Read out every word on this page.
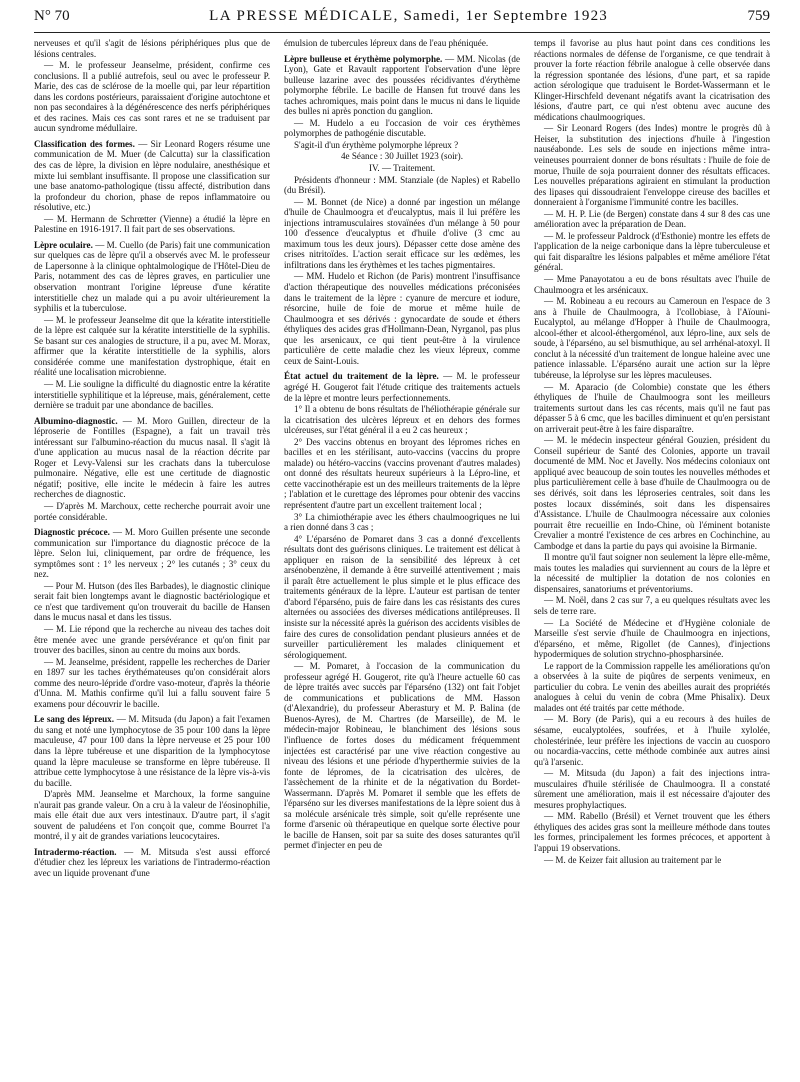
N° 70	LA PRESSE MÉDICALE, Samedi, 1er Septembre 1923	759

nerveuses et qu'il s'agit de lésions périphériques plus que de lésions centrales.

— M. le professeur Jeanselme, président, confirme ces conclusions. Il a publié autrefois, seul ou avec le professeur P. Marie, des cas de sclérose de la moelle qui, par leur répartition dans les cordons postérieurs, paraissaient d'origine autochtone et non pas secondaires à la dégénérescence des nerfs périphériques et des racines. Mais ces cas sont rares et ne se traduisent par aucun syndrome médullaire.

Classification des formes. — Sir Leonard Rogers résume une communication de M. Muer (de Calcutta) sur la classification des cas de lèpre, la division en lèpre nodulaire, anesthésique et mixte lui semblant insuffisante. Il propose une classification sur une base anatomo-pathologique (tissu affecté, distribution dans la profondeur du chorion, phase de repos inflammatoire ou résolutive, etc.)

— M. Hermann de Schrœtter (Vienne) a étudié la lèpre en Palestine en 1916-1917. Il fait part de ses observations.

Lèpre oculaire. — M. Cuello (de Paris) fait une communication sur quelques cas de lèpre qu'il a observés avec M. le professeur de Lapersonne à la clinique ophtalmologique de l'Hôtel-Dieu de Paris, notamment des cas de lèpres graves, en particulier une observation montrant l'origine lépreuse d'une kératite interstitielle chez un malade qui a pu avoir ultérieurement la syphilis et la tuberculose.

— M. le professeur Jeanselme dit que la kératite interstitielle de la lèpre est calquée sur la kératite interstitielle de la syphilis. Se basant sur ces analogies de structure, il a pu, avec M. Morax, affirmer que la kératite interstitielle de la syphilis, alors considérée comme une manifestation dystrophique, était en réalité une localisation microbienne.

— M. Lie souligne la difficulté du diagnostic entre la kératite interstitielle syphilitique et la lépreuse, mais, généralement, cette dernière se traduit par une abondance de bacilles.

Albumino-diagnostic. — M. Moro Guillen, directeur de la léproserie de Fontilles (Espagne), a fait un travail très intéressant sur l'albumino-réaction du mucus nasal. Il s'agit là d'une application au mucus nasal de la réaction décrite par Roger et Levy-Valensi sur les crachats dans la tuberculose pulmonaire. Négative, elle est une certitude de diagnostic négatif; positive, elle incite le médecin à faire les autres recherches de diagnostic.

— D'après M. Marchoux, cette recherche pourrait avoir une portée considérable.

Diagnostic précoce. — M. Moro Guillen présente une seconde communication sur l'importance du diagnostic précoce de la lèpre. Selon lui, cliniquement, par ordre de fréquence, les symptômes sont : 1° les nerveux ; 2° les cutanés ; 3° ceux du nez.

— Pour M. Hutson (des îles Barbades), le diagnostic clinique serait fait bien longtemps avant le diagnostic bactériologique et ce n'est que tardivement qu'on trouverait du bacille de Hansen dans le mucus nasal et dans les tissus.

— M. Lie répond que la recherche au niveau des taches doit être menée avec une grande persévérance et qu'on finit par trouver des bacilles, sinon au centre du moins aux bords.

— M. Jeanselme, président, rappelle les recherches de Darier en 1897 sur les taches érythémateuses qu'on considérait alors comme des neuro-lépride d'ordre vaso-moteur, d'après la théorie d'Unna. M. Mathis confirme qu'il lui a fallu souvent faire 5 examens pour découvrir le bacille.

Le sang des lépreux. — M. Mitsuda (du Japon) a fait l'examen du sang et noté une lymphocytose de 35 pour 100 dans la lèpre maculeuse, 47 pour 100 dans la lèpre nerveuse et 25 pour 100 dans la lèpre tubéreuse et une disparition de la lymphocytose quand la lèpre maculeuse se transforme en lèpre tubéreuse. Il attribue cette lymphocytose à une résistance de la lèpre vis-à-vis du bacille.

D'après MM. Jeanselme et Marchoux, la forme sanguine n'aurait pas grande valeur. On a cru à la valeur de l'éosinophilie, mais elle était due aux vers intestinaux. D'autre part, il s'agit souvent de paludéens et l'on conçoit que, comme Bourret l'a montré, il y ait de grandes variations leucocytaires.

Intradermo-réaction. — M. Mitsuda s'est aussi efforcé d'étudier chez les lépreux les variations de l'intradermo-réaction avec un liquide provenant d'une

émulsion de tubercules lépreux dans de l'eau phéniquée.

Lèpre bulleuse et érythème polymorphe. — MM. Nicolas (de Lyon), Gate et Ravault rapportent l'observation d'une lèpre bulleuse lazarine avec des poussées récidivantes d'érythème polymorphe fébrile. Le bacille de Hansen fut trouvé dans les taches achromiques, mais point dans le mucus ni dans le liquide des bulles ni après ponction du ganglion.

— M. Hudelo a eu l'occasion de voir ces érythèmes polymorphes de pathogénie discutable.

S'agit-il d'un érythème polymorphe lépreux ?

4e Séance : 30 Juillet 1923 (soir).

IV. — Traitement.

Présidents d'honneur : MM. Stanziale (de Naples) et Rabello (du Brésil).

— M. Bonnet (de Nice) a donné par ingestion un mélange d'huile de Chaulmoogra et d'eucalyptus, mais il lui préfère les injections intramusculaires stovaïnées d'un mélange à 50 pour 100 d'essence d'eucalyptus et d'huile d'olive (3 cmc au maximum tous les deux jours). Dépasser cette dose amène des crises nitritoïdes. L'action serait efficace sur les œdèmes, les infiltrations dans les érythèmes et les taches pigmentaires.

— MM. Hudelo et Richon (de Paris) montrent l'insuffisance d'action thérapeutique des nouvelles médications préconisées dans le traitement de la lèpre : cyanure de mercure et iodure, résorcine, huile de foie de morue et même huile de Chaulmoogra et ses dérivés : gynocardate de soude et éthers éthyliques des acides gras d'Hollmann-Dean, Nyrganol, pas plus que les arsenicaux, ce qui tient peut-être à la virulence particulière de cette maladie chez les vieux lépreux, comme ceux de Saint-Louis.

État actuel du traitement de la lèpre. — M. le professeur agrégé H. Gougerot fait l'étude critique des traitements actuels de la lèpre et montre leurs perfectionnements.

1° Il a obtenu de bons résultats de l'héliothérapie générale sur la cicatrisation des ulcères lépreux et en dehors des formes ulcéreuses, sur l'état général il a eu 2 cas heureux ;

2° Des vaccins obtenus en broyant des lépromes riches en bacilles et en les stérilisant, auto-vaccins (vaccins du propre malade) ou hétéro-vaccins (vaccins provenant d'autres malades) ont donné des résultats heureux supérieurs à la Lépro-line, et cette vaccinothérapie est un des meilleurs traitements de la lèpre ; l'ablation et le curettage des lépromes pour obtenir des vaccins représentent d'autre part un excellent traitement local ;

3° La chimiothérapie avec les éthers chaulmoogriques ne lui a rien donné dans 3 cas ;

4° L'éparséno de Pomaret dans 3 cas a donné d'excellents résultats dont des guérisons cliniques. Le traitement est délicat à appliquer en raison de la sensibilité des lépreux à cet arsénobenzène, il demande à être surveillé attentivement ; mais il paraît être actuellement le plus simple et le plus efficace des traitements généraux de la lèpre. L'auteur est partisan de tenter d'abord l'éparséno, puis de faire dans les cas résistants des cures alternées ou associées des diverses médications antilépreuses. Il insiste sur la nécessité après la guérison des accidents visibles de faire des cures de consolidation pendant plusieurs années et de surveiller particulièrement les malades cliniquement et sérologiquement.

— M. Pomaret, à l'occasion de la communication du professeur agrégé H. Gougerot, rite qu'à l'heure actuelle 60 cas de lèpre traités avec succès par l'éparséno (132) ont fait l'objet de communications et publications de MM. Hasson (d'Alexandrie), du professeur Aberastury et M. P. Balina (de Buenos-Ayres), de M. Chartres (de Marseille), de M. le médecin-major Robineau, le blanchiment des lésions sous l'influence de fortes doses du médicament fréquemment injectées est caractérisé par une vive réaction congestive au niveau des lésions et une période d'hyperthermie suivies de la fonte de lépromes, de la cicatrisation des ulcères, de l'assèchement de la rhinite et de la négativation du Bordet-Wassermann. D'après M. Pomaret il semble que les effets de l'éparséno sur les diverses manifestations de la lèpre soient dus à sa molécule arsénicale très simple, soit qu'elle représente une forme d'arsenic où thérapeutique en quelque sorte élective pour le bacille de Hansen, soit par sa suite des doses saturantes qu'il permet d'injecter en peu de

temps il favorise au plus haut point dans ces conditions les réactions normales de défense de l'organisme, ce que tendrait à prouver la forte réaction fébrile analogue à celle observée dans la régression spontanée des lésions, d'une part, et sa rapide action sérologique que traduisent le Bordet-Wassermann et le Klinger-Hirschfeld devenant négatifs avant la cicatrisation des lésions, d'autre part, ce qui n'est obtenu avec aucune des médications chaulmoogriques.

— Sir Leonard Rogers (des Indes) montre le progrès dû à Heiser, la substitution des injections d'huile à l'ingestion nauséabonde. Les sels de soude en injections même intra-veineuses pourraient donner de bons résultats : l'huile de foie de morue, l'huile de soja pourraient donner des résultats efficaces. Les nouvelles préparations agiraient en stimulant la production des lipases qui dissoudraient l'enveloppe cireuse des bacilles et donneraient à l'organisme l'immunité contre les bacilles.

— M. H. P. Lie (de Bergen) constate dans 4 sur 8 des cas une amélioration avec la préparation de Dean.

— M. le professeur Paldrock (d'Esthonie) montre les effets de l'application de la neige carbonique dans la lèpre tuberculeuse et qui fait disparaître les lésions palpables et même améliore l'état général.

— Mme Panayotatou a eu de bons résultats avec l'huile de Chaulmoogra et les arsénicaux.

— M. Robineau a eu recours au Cameroun en l'espace de 3 ans à l'huile de Chaulmoogra, à l'collobiase, à l'Aïouni-Eucalyptol, au mélange d'Hopper à l'huile de Chaulmoogra, alcool-éther et alcool-éthergoménol, aux lépro-line, aux sels de soude, à l'éparséno, au sel bismuthique, au sel arrhénal-atoxyl. Il conclut à la nécessité d'un traitement de longue haleine avec une patience inlassable. L'éparséno aurait une action sur la lèpre tubéreuse, la léprolyse sur les lèpres maculeuses.

— M. Aparacio (de Colombie) constate que les éthers éthyliques de l'huile de Chaulmoogra sont les meilleurs traitements surtout dans les cas récents, mais qu'il ne faut pas dépasser 5 à 6 cmc, que les bacilles diminuent et qu'en persistant on arriverait peut-être à les faire disparaître.

— M. le médecin inspecteur général Gouzien, président du Conseil supérieur de Santé des Colonies, apporte un travail documenté de MM. Noc et Javelly. Nos médecins coloniaux ont appliqué avec beaucoup de soin toutes les nouvelles méthodes et plus particulièrement celle à base d'huile de Chaulmoogra ou de ses dérivés, soit dans les léproseries centrales, soit dans les postes locaux disséminés, soit dans les dispensaires d'Assistance. L'huile de Chaulmoogra nécessaire aux colonies pourrait être recueillie en Indo-Chine, où l'éminent botaniste Crevalier a montré l'existence de ces arbres en Cochinchine, au Cambodge et dans la partie du pays qui avoisine la Birmanie.

Il montre qu'il faut soigner non seulement la lèpre elle-même, mais toutes les maladies qui surviennent au cours de la lèpre et la nécessité de multiplier la dotation de nos colonies en dispensaires, sanatoriums et préventoriums.

— M. Noël, dans 2 cas sur 7, a eu quelques résultats avec les sels de terre rare.

— La Société de Médecine et d'Hygiène coloniale de Marseille s'est servie d'huile de Chaulmoogra en injections, d'éparséno, et même, Rigollet (de Cannes), d'injections hypodermiques de solution strychno-phospharsinée.

Le rapport de la Commission rappelle les améliorations qu'on a observées à la suite de piqûres de serpents venimeux, en particulier du cobra. Le venin des abeilles aurait des propriétés analogues à celui du venin de cobra (Mme Phisalix). Deux malades ont été traités par cette méthode.

— M. Bory (de Paris), qui a eu recours à des huiles de sésame, eucalyptolées, soufrées, et à l'huile xylolée, cholestérinée, leur préfère les injections de vaccin au cuosporo ou nocardia-vaccins, cette méthode combinée aux autres ainsi qu'à l'arsenic.

— M. Mitsuda (du Japon) a fait des injections intra-musculaires d'huile stérilisée de Chaulmoogra. Il a constaté sûrement une amélioration, mais il est nécessaire d'ajouter des mesures prophylactiques.

— MM. Rabello (Brésil) et Vernet trouvent que les éthers éthyliques des acides gras sont la meilleure méthode dans toutes les formes, principalement les formes précoces, et apportent à l'appui 19 observations.

— M. de Keizer fait allusion au traitement par le
